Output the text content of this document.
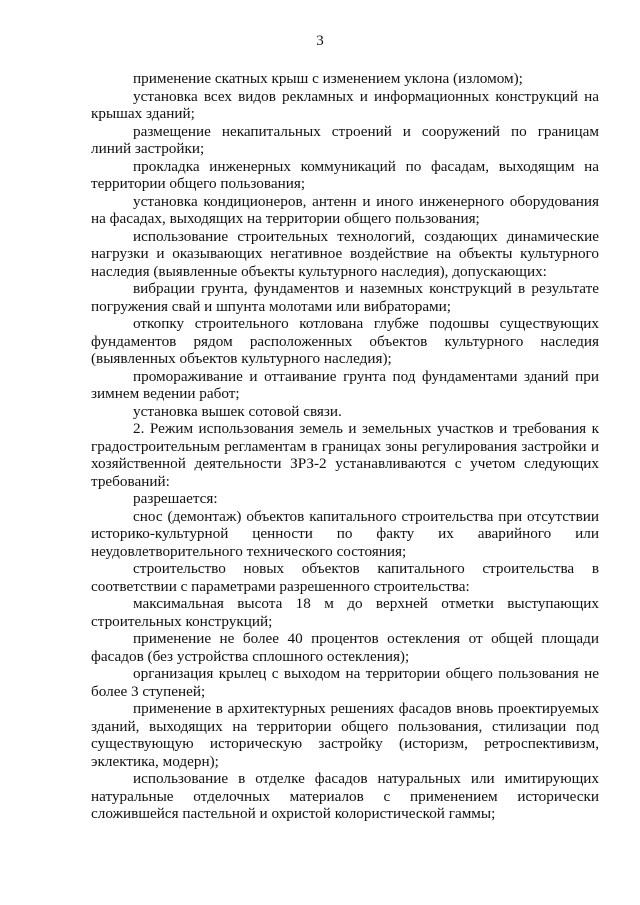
3

применение скатных крыш с изменением уклона (изломом);

установка всех видов рекламных и информационных конструкций на крышах зданий;

размещение некапитальных строений и сооружений по границам линий застройки;

прокладка инженерных коммуникаций по фасадам, выходящим на территории общего пользования;

установка кондиционеров, антенн и иного инженерного оборудования на фасадах, выходящих на территории общего пользования;

использование строительных технологий, создающих динамические нагрузки и оказывающих негативное воздействие на объекты культурного наследия (выявленные объекты культурного наследия), допускающих:

вибрации грунта, фундаментов и наземных конструкций в результате погружения свай и шпунта молотами или вибраторами;

откопку строительного котлована глубже подошвы существующих фундаментов рядом расположенных объектов культурного наследия (выявленных объектов культурного наследия);

промораживание и оттаивание грунта под фундаментами зданий при зимнем ведении работ;

установка вышек сотовой связи.

2. Режим использования земель и земельных участков и требования к градостроительным регламентам в границах зоны регулирования застройки и хозяйственной деятельности ЗРЗ-2 устанавливаются с учетом следующих требований:

разрешается:

снос (демонтаж) объектов капитального строительства при отсутствии историко-культурной ценности по факту их аварийного или неудовлетворительного технического состояния;

строительство новых объектов капитального строительства в соответствии с параметрами разрешенного строительства:

максимальная высота 18 м до верхней отметки выступающих строительных конструкций;

применение не более 40 процентов остекления от общей площади фасадов (без устройства сплошного остекления);

организация крылец с выходом на территории общего пользования не более 3 ступеней;

применение в архитектурных решениях фасадов вновь проектируемых зданий, выходящих на территории общего пользования, стилизации под существующую историческую застройку (историзм, ретроспективизм, эклектика, модерн);

использование в отделке фасадов натуральных или имитирующих натуральные отделочных материалов с применением исторически сложившейся пастельной и охристой колористической гаммы;
